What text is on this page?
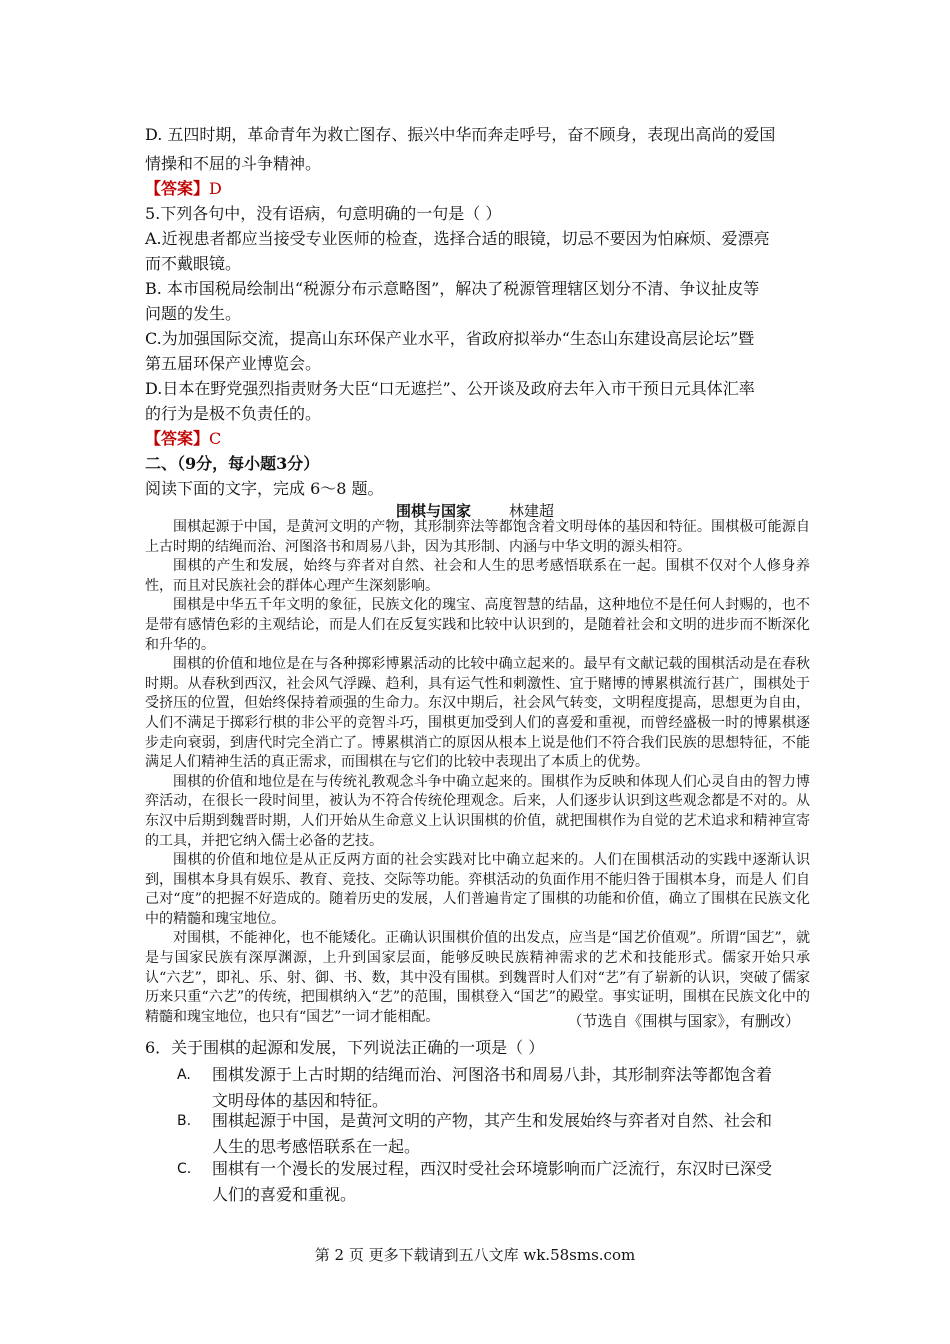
D. 五四时期，革命青年为救亡图存、振兴中华而奔走呼号，奋不顾身，表现出高尚的爱国
情操和不屈的斗争精神。
【答案】D
5.下列各句中，没有语病，句意明确的一句是（ ）
A.近视患者都应当接受专业医师的检查，选择合适的眼镜，切忌不要因为怕麻烦、爱漂亮
而不戴眼镜。
B. 本市国税局绘制出“税源分布示意略图”，解决了税源管理辖区划分不清、争议扯皮等
问题的发生。
C.为加强国际交流，提高山东环保产业水平，省政府拟举办“生态山东建设高层论坛”暨
第五届环保产业博览会。
D.日本在野党强烈指责财务大臣“口无遮拦”、公开谈及政府去年入市干预日元具体汇率
的行为是极不负责任的。
【答案】C
二、（9分，每小题3分）
阅读下面的文字，完成 6～8 题。
围棋与国家	林建超

围棋起源于中国，是黄河文明的产物，其形制弈法等都饱含着文明母体的基因和特征。围棋极可能源自上古时期的结绳而治、河图洛书和周易八卦，因为其形制、内涵与中华文明的源头相符。

围棋的产生和发展，始终与弈者对自然、社会和人生的思考感悟联系在一起。围棋不仅对个人修身养性，而且对民族社会的群体心理产生深刻影响。

围棋是中华五千年文明的象征，民族文化的瑰宝、高度智慧的结晶，这种地位不是任何人封赐的，也不是带有感情色彩的主观结论，而是人们在反复实践和比较中认识到的，是随着社会和文明的进步而不断深化和升华的。

围棋的价值和地位是在与各种掷彩博累活动的比较中确立起来的。最早有文献记载的围棋活动是在春秋时期。从春秋到西汉，社会风气浮躁、趋利，具有运气性和刺激性、宜于赌博的博累棋流行甚广，围棋处于受挤压的位置，但始终保持着顽强的生命力。东汉中期后，社会风气转变，文明程度提高，思想更为自由，人们不满足于掷彩行棋的非公平的竞智斗巧，围棋更加受到人们的喜爱和重视，而曾经盛极一时的博累棋逐步走向衰弱，到唐代时完全消亡了。博累棋消亡的原因从根本上说是他们不符合我们民族的思想特征，不能满足人们精神生活的真正需求，而围棋在与它们的比较中表现出了本质上的优势。

围棋的价值和地位是在与传统礼教观念斗争中确立起来的。围棋作为反映和体现人们心灵自由的智力博弈活动，在很长一段时间里，被认为不符合传统伦理观念。后来，人们逐步认识到这些观念都是不对的。从东汉中后期到魏晋时期，人们开始从生命意义上认识围棋的价值，就把围棋作为自觉的艺术追求和精神宣寄的工具，并把它纳入儒士必备的艺技。

围棋的价值和地位是从正反两方面的社会实践对比中确立起来的。人们在围棋活动的实践中逐渐认识到，围棋本身具有娱乐、教育、竞技、交际等功能。弈棋活动的负面作用不能归咎于围棋本身，而是人 们自己对“度”的把握不好造成的。随着历史的发展，人们普遍肯定了围棋的功能和价值，确立了围棋在民族文化中的精髓和瑰宝地位。

对围棋，不能神化，也不能矮化。正确认识围棋价值的出发点，应当是“国艺价值观”。所谓“国艺”，就是与国家民族有深厚渊源，上升到国家层面，能够反映民族精神需求的艺术和技能形式。儒家开始只承认“六艺”，即礼、乐、射、御、书、数，其中没有围棋。到魏晋时人们对“艺”有了崭新的认识，突破了儒家历来只重“六艺”的传统，把围棋纳入“艺”的范围，围棋登入“国艺”的殿堂。事实证明，围棋在民族文化中的精髓和瑰宝地位，也只有“国艺”一词才能相配。	（节选自《围棋与国家》，有删改）
6．关于围棋的起源和发展，下列说法正确的一项是（ ）
A. 围棋发源于上古时期的结绳而治、河图洛书和周易八卦，其形制弈法等都饱含着
文明母体的基因和特征。
B. 围棋起源于中国，是黄河文明的产物，其产生和发展始终与弈者对自然、社会和
人生的思考感悟联系在一起。
C. 围棋有一个漫长的发展过程，西汉时受社会环境影响而广泛流行，东汉时已深受
人们的喜爱和重视。
第 2 页 更多下载请到五八文库 wk.58sms.com
